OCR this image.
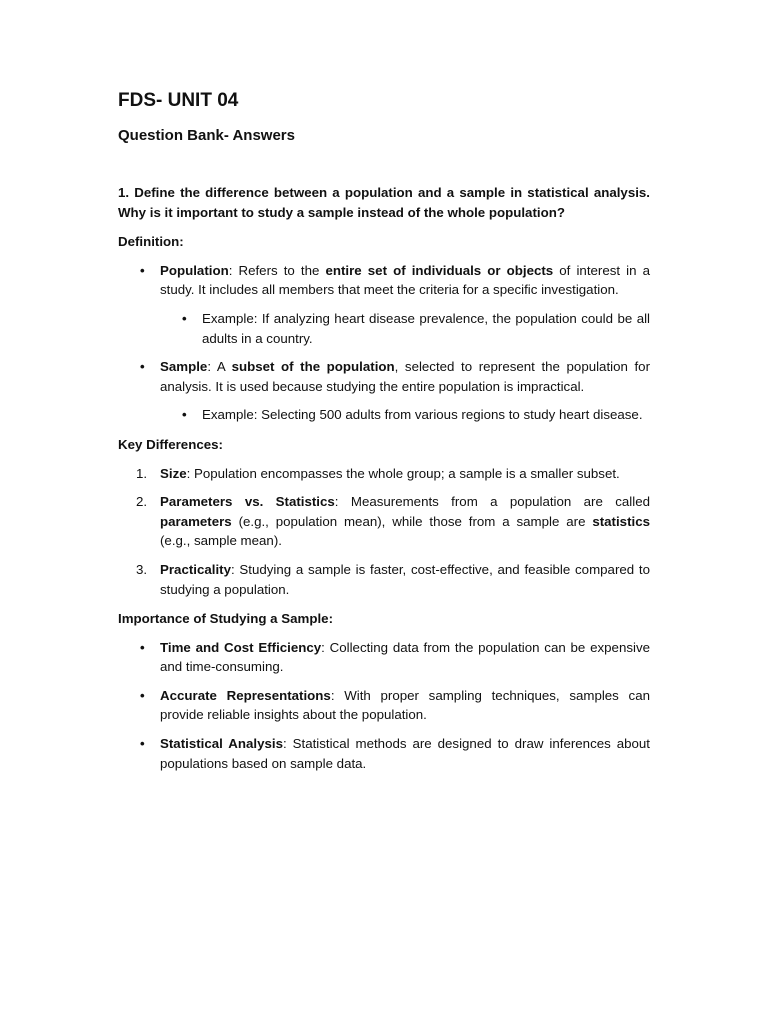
FDS- UNIT 04
Question Bank- Answers
1. Define the difference between a population and a sample in statistical analysis. Why is it important to study a sample instead of the whole population?
Definition:
• Population: Refers to the entire set of individuals or objects of interest in a study. It includes all members that meet the criteria for a specific investigation.
• Example: If analyzing heart disease prevalence, the population could be all adults in a country.
• Sample: A subset of the population, selected to represent the population for analysis. It is used because studying the entire population is impractical.
• Example: Selecting 500 adults from various regions to study heart disease.
Key Differences:
1. Size: Population encompasses the whole group; a sample is a smaller subset.
2. Parameters vs. Statistics: Measurements from a population are called parameters (e.g., population mean), while those from a sample are statistics (e.g., sample mean).
3. Practicality: Studying a sample is faster, cost-effective, and feasible compared to studying a population.
Importance of Studying a Sample:
• Time and Cost Efficiency: Collecting data from the population can be expensive and time-consuming.
• Accurate Representations: With proper sampling techniques, samples can provide reliable insights about the population.
• Statistical Analysis: Statistical methods are designed to draw inferences about populations based on sample data.
